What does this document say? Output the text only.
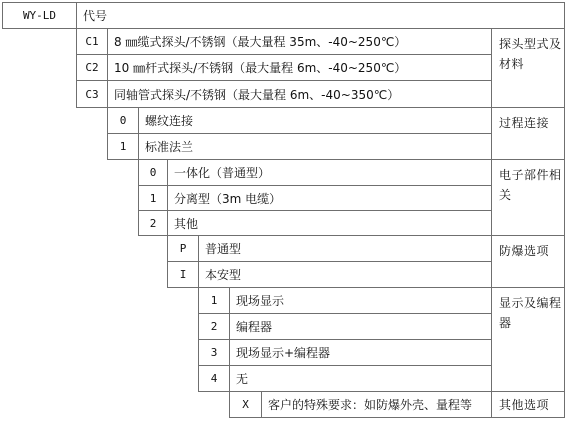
WY-LD	代号
C1	8 ㎜缆式探头/不锈钢（最大量程 35m、-40~250℃）
C2	10 ㎜杆式探头/不锈钢（最大量程 6m、-40~250℃）
C3	同轴管式探头/不锈钢（最大量程 6m、-40~350℃）
探头型式及材料
0	螺纹连接
1	标准法兰
过程连接
0	一体化（普通型）
1	分离型（3m 电缆）
2	其他
电子部件相关
P	普通型
I	本安型
防爆选项
1	现场显示
2	编程器
3	现场显示+编程器
4	无
显示及编程器
X	客户的特殊要求：如防爆外壳、量程等	其他选项
